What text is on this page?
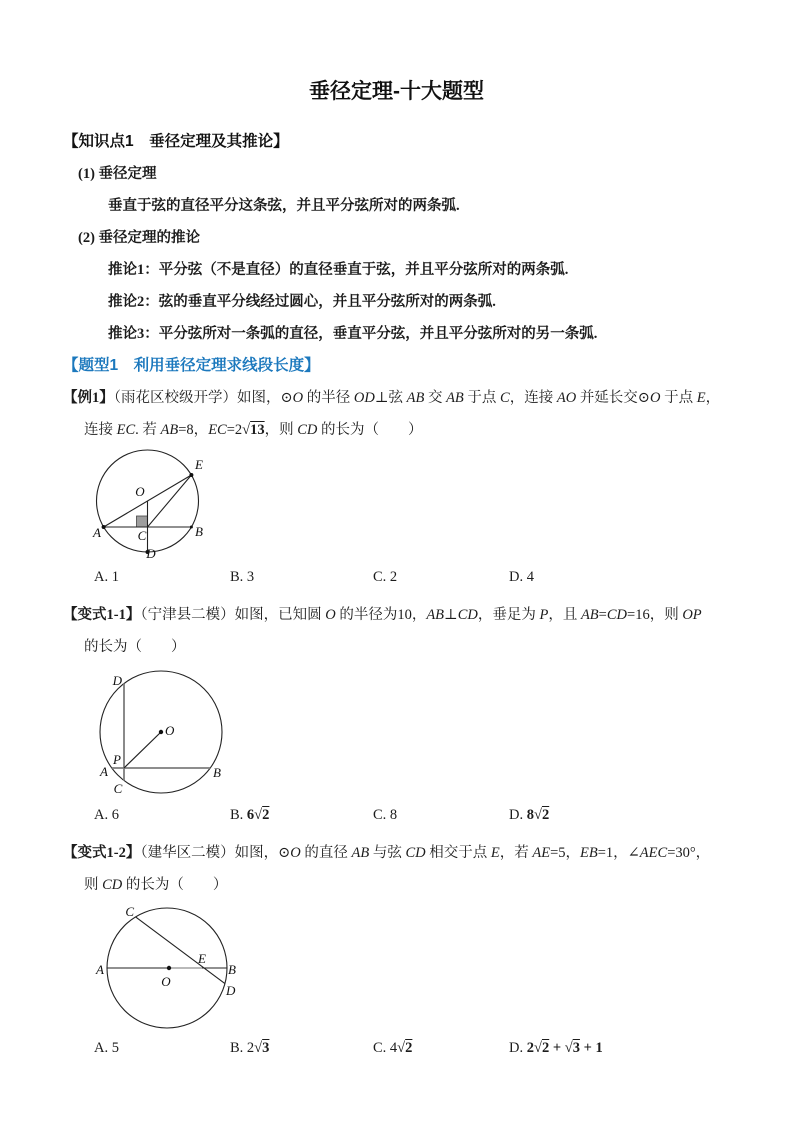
垂径定理-十大题型
【知识点1　垂径定理及其推论】

(1) 垂径定理

垂直于弦的直径平分这条弦，并且平分弦所对的两条弧.

(2) 垂径定理的推论

推论1：平分弦（不是直径）的直径垂直于弦，并且平分弦所对的两条弧.

推论2：弦的垂直平分线经过圆心，并且平分弦所对的两条弧.

推论3：平分弦所对一条弧的直径，垂直平分弦，并且平分弦所对的另一条弧.

【题型1　利用垂径定理求线段长度】

【例1】（雨花区校级开学）如图，⊙O 的半径 OD⊥弦 AB 交 AB 于点 C，连接 AO 并延长交⊙O 于点 E，

连接 EC. 若 AB=8，EC=2√13，则 CD 的长为（　　）

E
O
A	B
C
D
A. 1	B. 3	C. 2	D. 4

【变式1-1】（宁津县二模）如图，已知圆 O 的半径为10，AB⊥CD，垂足为 P，且 AB=CD=16，则 OP

的长为（　　）

D
O
P
A	B
C
A. 6	B. 6√2	C. 8	D. 8√2

【变式1-2】（建华区二模）如图，⊙O 的直径 AB 与弦 CD 相交于点 E，若 AE=5，EB=1，∠AEC=30°，

则 CD 的长为（　　）

C
A
E
B
O
D
A. 5	B. 2√3	C. 4√2	D. 2√2 + √3 + 1
